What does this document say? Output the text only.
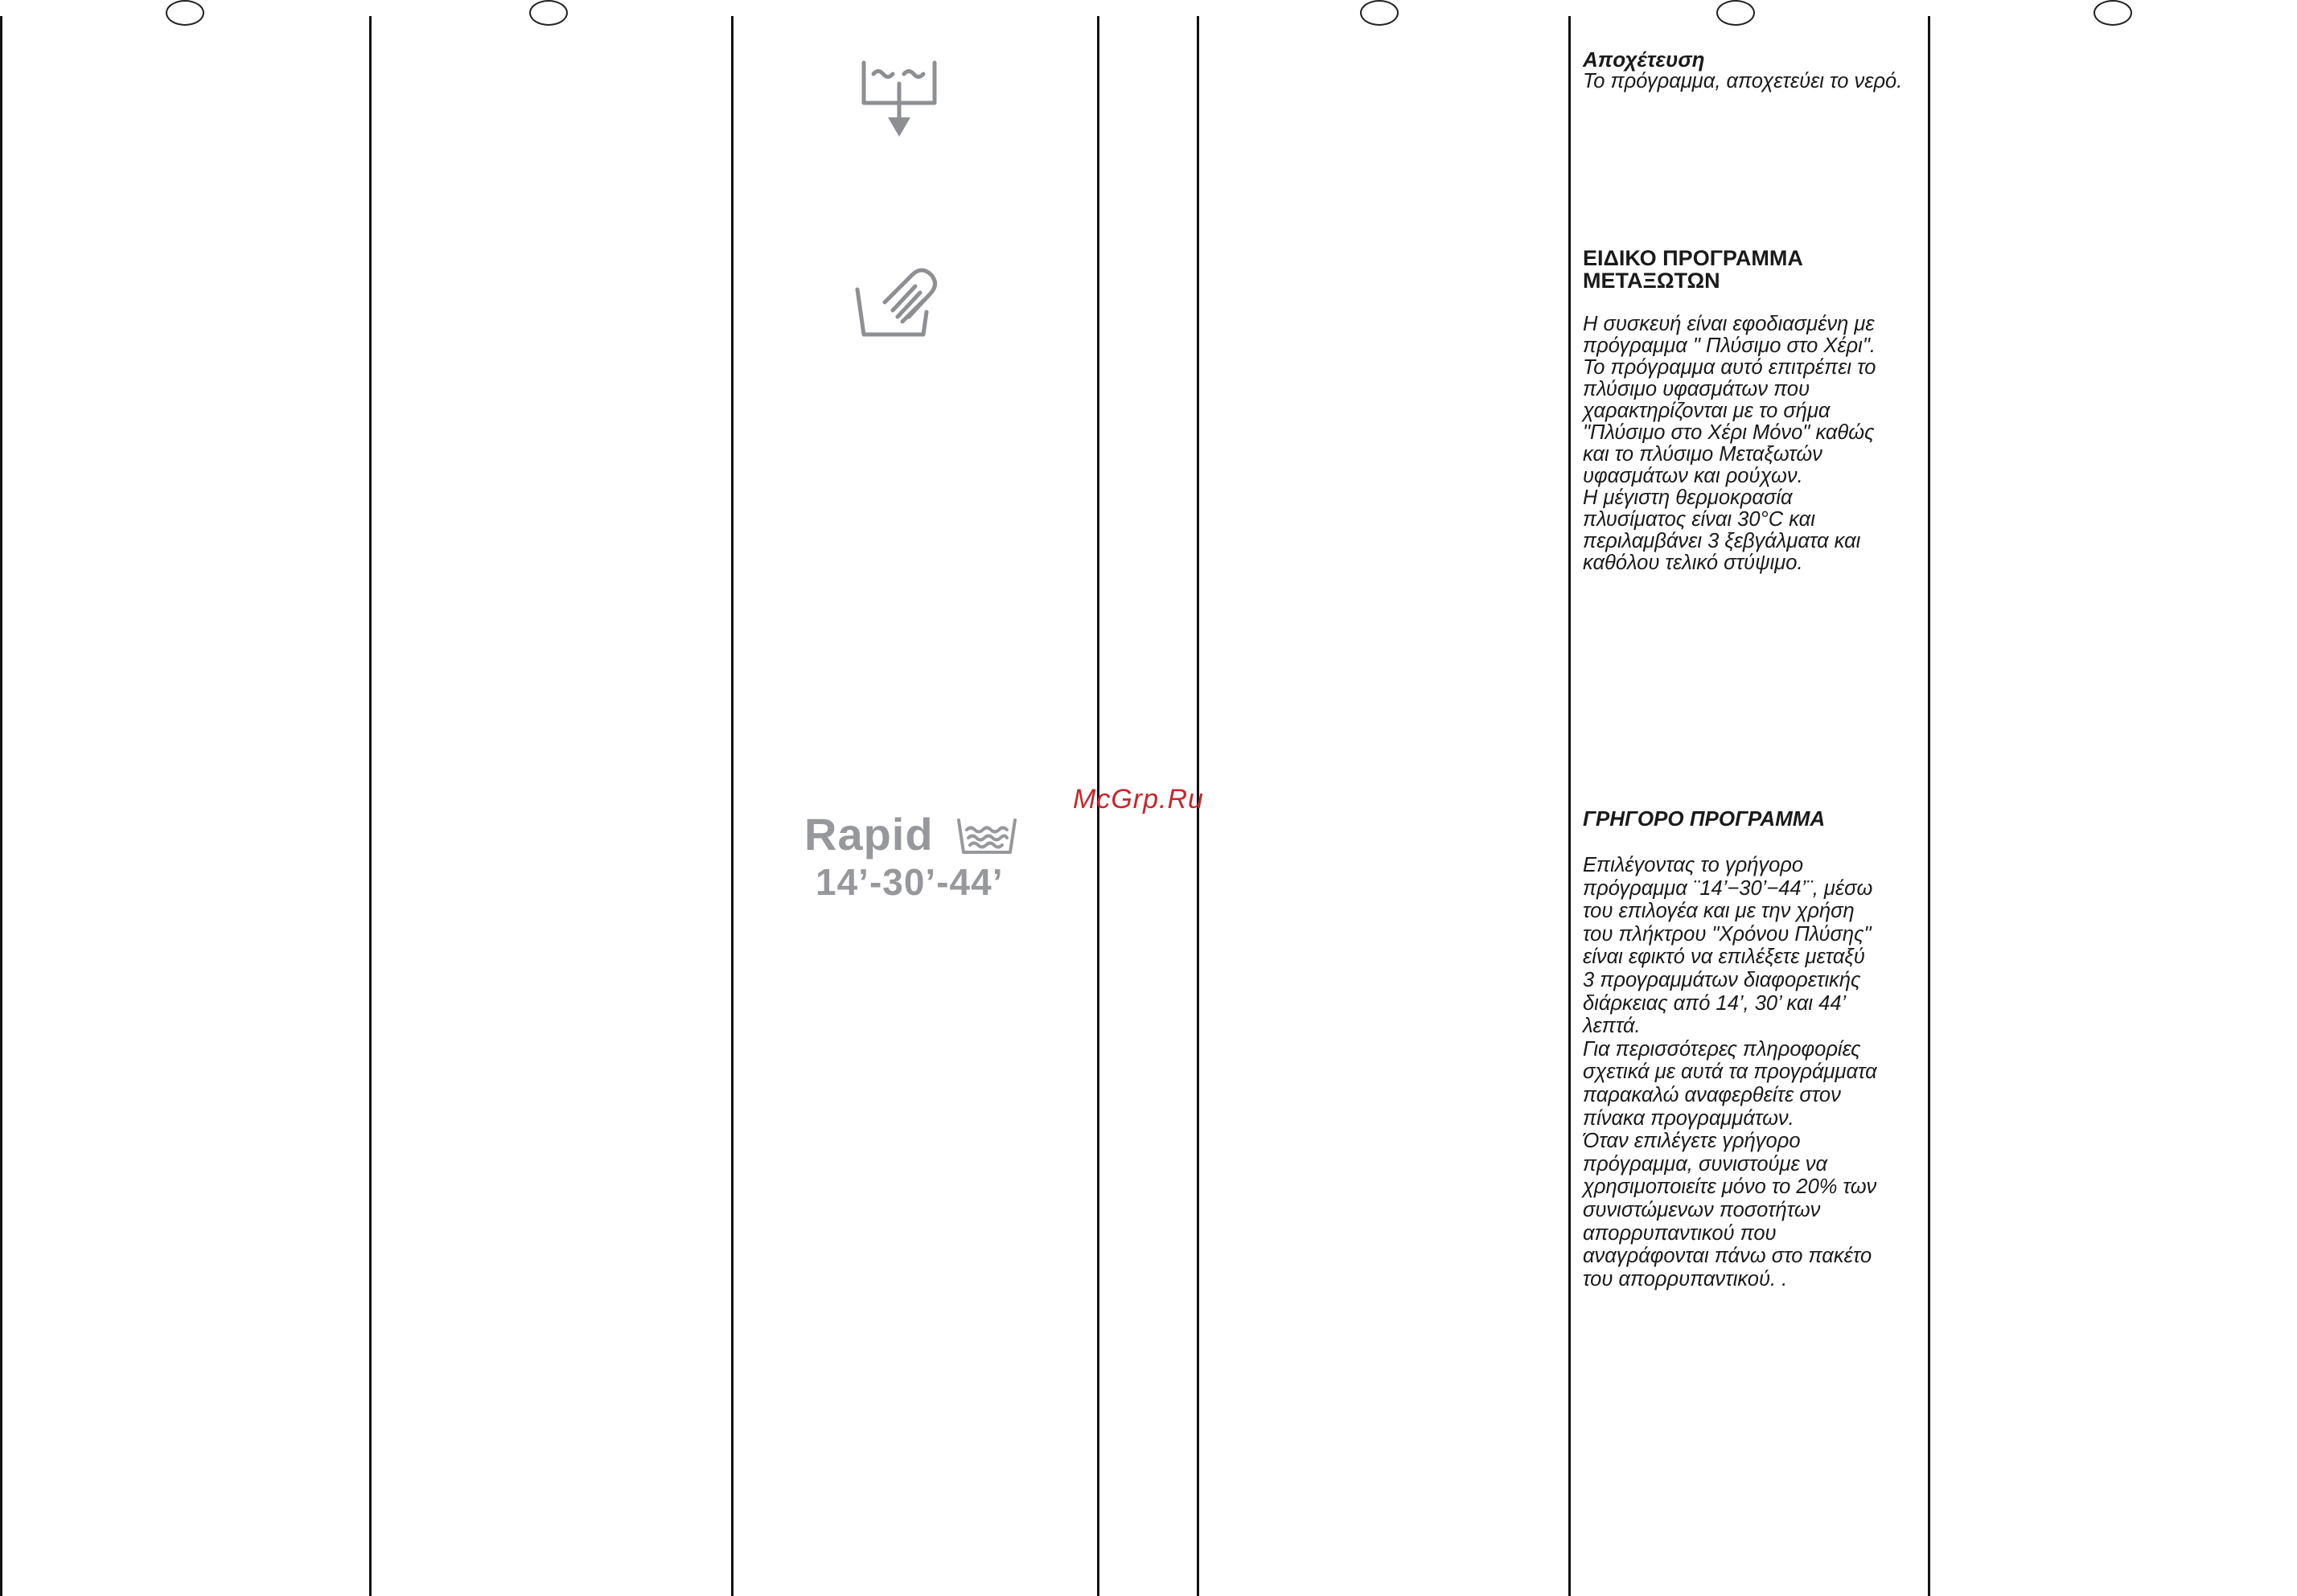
Rapid
14’-30’-44’
McGrp.Ru

Αποχέτευση

Το πρόγραμμα, αποχετεύει το νερό.

ΕΙΔΙΚΟ ΠΡΟΓΡΑΜΜΑ

ΜΕΤΑΞΩΤΩΝ

Η συσκευή είναι εφοδιασμένη με

πρόγραμμα " Πλύσιμο στο Χέρι".

Το πρόγραμμα αυτό επιτρέπει το

πλύσιμο υφασμάτων που

χαρακτηρίζονται με το σήμα

"Πλύσιμο στο Χέρι Μόνο" καθώς

και το πλύσιμο Μεταξωτών

υφασμάτων και ρούχων.

Η μέγιστη θερμοκρασία

πλυσίματος είναι 30°C και

περιλαμβάνει 3 ξεβγάλματα και

καθόλου τελικό στύψιμο.

ΓΡΗΓΟΡΟ ΠΡΟΓΡΑΜΜΑ

Επιλέγοντας το γρήγορο

πρόγραμμα ¨14’−30’−44’¨, μέσω

του επιλογέα και με την χρήση

του πλήκτρου "Χρόνου Πλύσης"

είναι εφικτό να επιλέξετε μεταξύ

3 προγραμμάτων διαφορετικής

διάρκειας από 14’, 30’ και 44’

λεπτά.

Για περισσότερες πληροφορίες

σχετικά με αυτά τα προγράμματα

παρακαλώ αναφερθείτε στον

πίνακα προγραμμάτων.

Όταν επιλέγετε γρήγορο

πρόγραμμα, συνιστούμε να

χρησιμοποιείτε μόνο το 20% των

συνιστώμενων ποσοτήτων

απορρυπαντικού που

αναγράφονται πάνω στο πακέτο

του απορρυπαντικού. .
